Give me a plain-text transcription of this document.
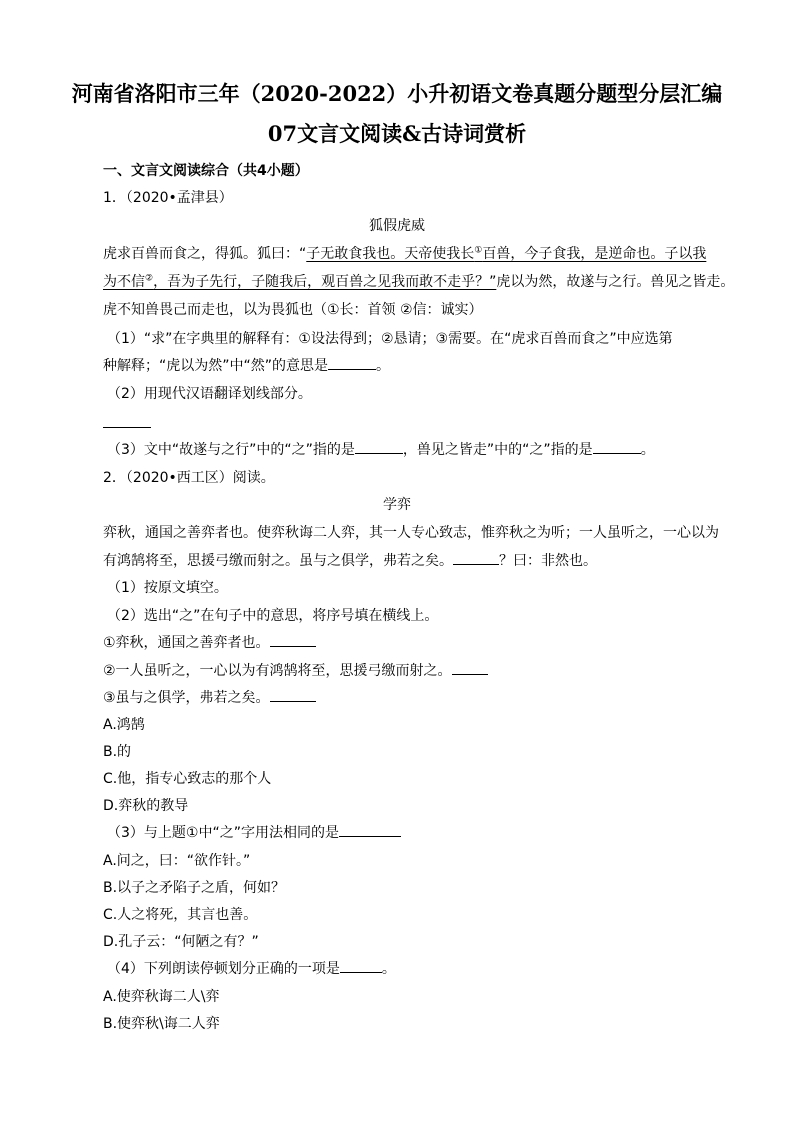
河南省洛阳市三年（2020-2022）小升初语文卷真题分题型分层汇编
07文言文阅读&古诗词赏析
一、文言文阅读综合（共4小题）
1．（2020•孟津县）
狐假虎威
虎求百兽而食之，得狐。狐曰：“子无敢食我也。天帝使我长①百兽，今子食我，是逆命也。子以我
为不信②，吾为子先行，子随我后，观百兽之见我而敢不走乎？”虎以为然，故遂与之行。兽见之皆走。
虎不知兽畏己而走也，以为畏狐也（①长：首领 ②信：诚实）
（1）“求”在字典里的解释有：①设法得到；②恳请；③需要。在“虎求百兽而食之”中应选第
种解释；“虎以为然”中“然”的意思是	。
（2）用现代汉语翻译划线部分。
（3）文中“故遂与之行”中的“之”指的是	，兽见之皆走”中的“之”指的是	。
2．（2020•西工区）阅读。
学弈
弈秋，通国之善弈者也。使弈秋诲二人弈，其一人专心致志，惟弈秋之为听；一人虽听之，一心以为
有鸿鹄将至，思援弓缴而射之。虽与之俱学，弗若之矣。	？曰：非然也。
（1）按原文填空。
（2）选出“之”在句子中的意思，将序号填在横线上。
①弈秋，通国之善弈者也。
②一人虽听之，一心以为有鸿鹄将至，思援弓缴而射之。
③虽与之俱学，弗若之矣。
A.鸿鹄
B.的
C.他，指专心致志的那个人
D.弈秋的教导
（3）与上题①中“之”字用法相同的是
A.问之，曰：“欲作针。”
B.以子之矛陷子之盾，何如？
C.人之将死，其言也善。
D.孔子云：“何陋之有？”
（4）下列朗读停顿划分正确的一项是	。
A.使弈秋诲二人\弈
B.使弈秋\诲二人弈
